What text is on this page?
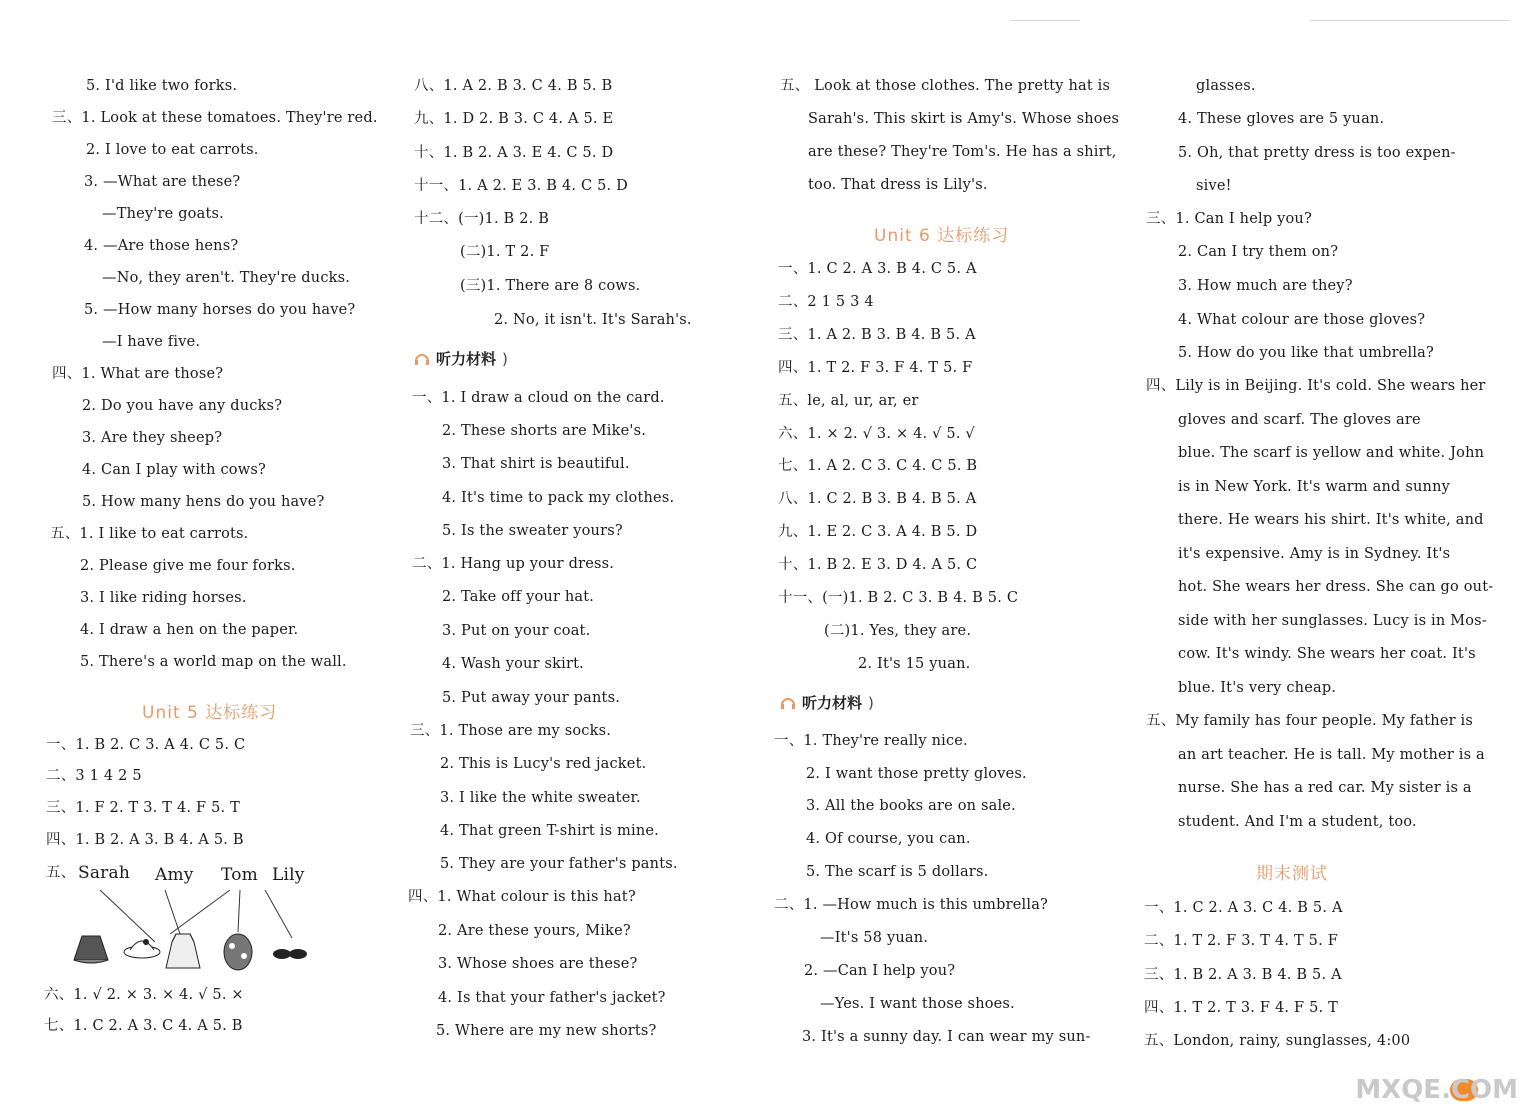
5. I'd like two forks.
三、1. Look at these tomatoes. They're red.
2. I love to eat carrots.
3. —What are these?
—They're goats.
4. —Are those hens?
—No, they aren't. They're ducks.
5. —How many horses do you have?
—I have five.
四、1. What are those?
2. Do you have any ducks?
3. Are they sheep?
4. Can I play with cows?
5. How many hens do you have?
五、1. I like to eat carrots.
2. Please give me four forks.
3. I like riding horses.
4. I draw a hen on the paper.
5. There's a world map on the wall.
Unit 5 达标练习
一、1. B 2. C 3. A 4. C 5. C
二、3 1 4 2 5
三、1. F 2. T 3. T 4. F 5. T
四、1. B 2. A 3. B 4. A 5. B
五、 Sarah Amy Tom Lily
六、1. √ 2. × 3. × 4. √ 5. ×
七、1. C 2. A 3. C 4. A 5. B
八、1. A 2. B 3. C 4. B 5. B
九、1. D 2. B 3. C 4. A 5. E
十、1. B 2. A 3. E 4. C 5. D
十一、1. A 2. E 3. B 4. C 5. D
十二、(一)1. B 2. B
(二)1. T 2. F
(三)1. There are 8 cows.
2. No, it isn't. It's Sarah's.
听力材料 )
一、1. I draw a cloud on the card.
2. These shorts are Mike's.
3. That shirt is beautiful.
4. It's time to pack my clothes.
5. Is the sweater yours?
二、1. Hang up your dress.
2. Take off your hat.
3. Put on your coat.
4. Wash your skirt.
5. Put away your pants.
三、1. Those are my socks.
2. This is Lucy's red jacket.
3. I like the white sweater.
4. That green T-shirt is mine.
5. They are your father's pants.
四、1. What colour is this hat?
2. Are these yours, Mike?
3. Whose shoes are these?
4. Is that your father's jacket?
5. Where are my new shorts?
五、 Look at those clothes. The pretty hat is
Sarah's. This skirt is Amy's. Whose shoes
are these? They're Tom's. He has a shirt,
too. That dress is Lily's.
Unit 6 达标练习
一、1. C 2. A 3. B 4. C 5. A
二、2 1 5 3 4
三、1. A 2. B 3. B 4. B 5. A
四、1. T 2. F 3. F 4. T 5. F
五、le, al, ur, ar, er
六、1. × 2. √ 3. × 4. √ 5. √
七、1. A 2. C 3. C 4. C 5. B
八、1. C 2. B 3. B 4. B 5. A
九、1. E 2. C 3. A 4. B 5. D
十、1. B 2. E 3. D 4. A 5. C
十一、(一)1. B 2. C 3. B 4. B 5. C
(二)1. Yes, they are.
2. It's 15 yuan.
听力材料 )
一、1. They're really nice.
2. I want those pretty gloves.
3. All the books are on sale.
4. Of course, you can.
5. The scarf is 5 dollars.
二、1. —How much is this umbrella?
—It's 58 yuan.
2. —Can I help you?
—Yes. I want those shoes.
3. It's a sunny day. I can wear my sun-
glasses.
4. These gloves are 5 yuan.
5. Oh, that pretty dress is too expen-
sive!
三、1. Can I help you?
2. Can I try them on?
3. How much are they?
4. What colour are those gloves?
5. How do you like that umbrella?
四、Lily is in Beijing. It's cold. She wears her
gloves and scarf. The gloves are
blue. The scarf is yellow and white. John
is in New York. It's warm and sunny
there. He wears his shirt. It's white, and
it's expensive. Amy is in Sydney. It's
hot. She wears her dress. She can go out-
side with her sunglasses. Lucy is in Mos-
cow. It's windy. She wears her coat. It's
blue. It's very cheap.
五、My family has four people. My father is
an art teacher. He is tall. My mother is a
nurse. She has a red car. My sister is a
student. And I'm a student, too.
期末测试
一、1. C 2. A 3. C 4. B 5. A
二、1. T 2. F 3. T 4. T 5. F
三、1. B 2. A 3. B 4. B 5. A
四、1. T 2. T 3. F 4. F 5. T
五、London, rainy, sunglasses, 4:00
MXQE.COM
